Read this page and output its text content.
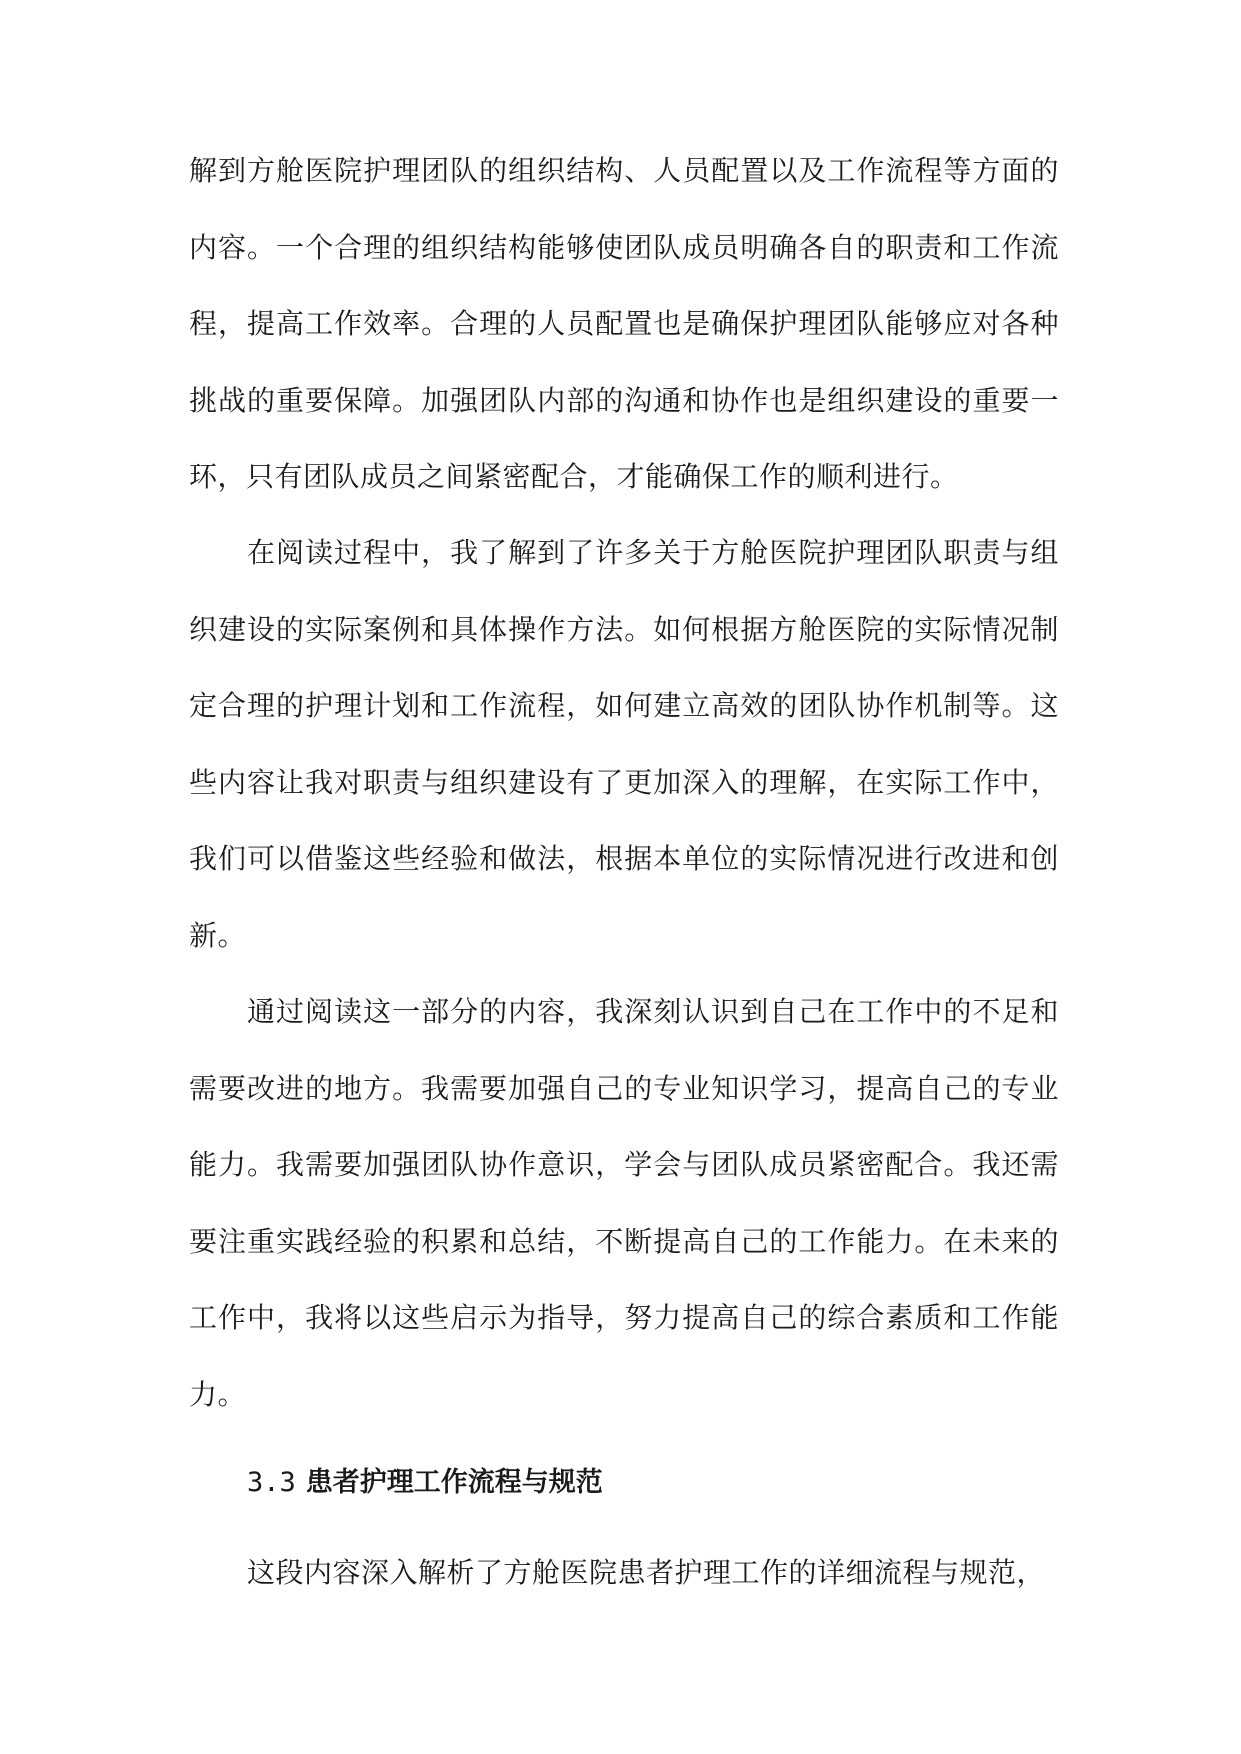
解到方舱医院护理团队的组织结构、人员配置以及工作流程等方面的
内容。一个合理的组织结构能够使团队成员明确各自的职责和工作流
程，提高工作效率。合理的人员配置也是确保护理团队能够应对各种
挑战的重要保障。加强团队内部的沟通和协作也是组织建设的重要一
环，只有团队成员之间紧密配合，才能确保工作的顺利进行。
在阅读过程中，我了解到了许多关于方舱医院护理团队职责与组
织建设的实际案例和具体操作方法。如何根据方舱医院的实际情况制
定合理的护理计划和工作流程，如何建立高效的团队协作机制等。这
些内容让我对职责与组织建设有了更加深入的理解，在实际工作中，
我们可以借鉴这些经验和做法，根据本单位的实际情况进行改进和创
新。
通过阅读这一部分的内容，我深刻认识到自己在工作中的不足和
需要改进的地方。我需要加强自己的专业知识学习，提高自己的专业
能力。我需要加强团队协作意识，学会与团队成员紧密配合。我还需
要注重实践经验的积累和总结，不断提高自己的工作能力。在未来的
工作中，我将以这些启示为指导，努力提高自己的综合素质和工作能
力。
3.3 患者护理工作流程与规范
这段内容深入解析了方舱医院患者护理工作的详细流程与规范，
